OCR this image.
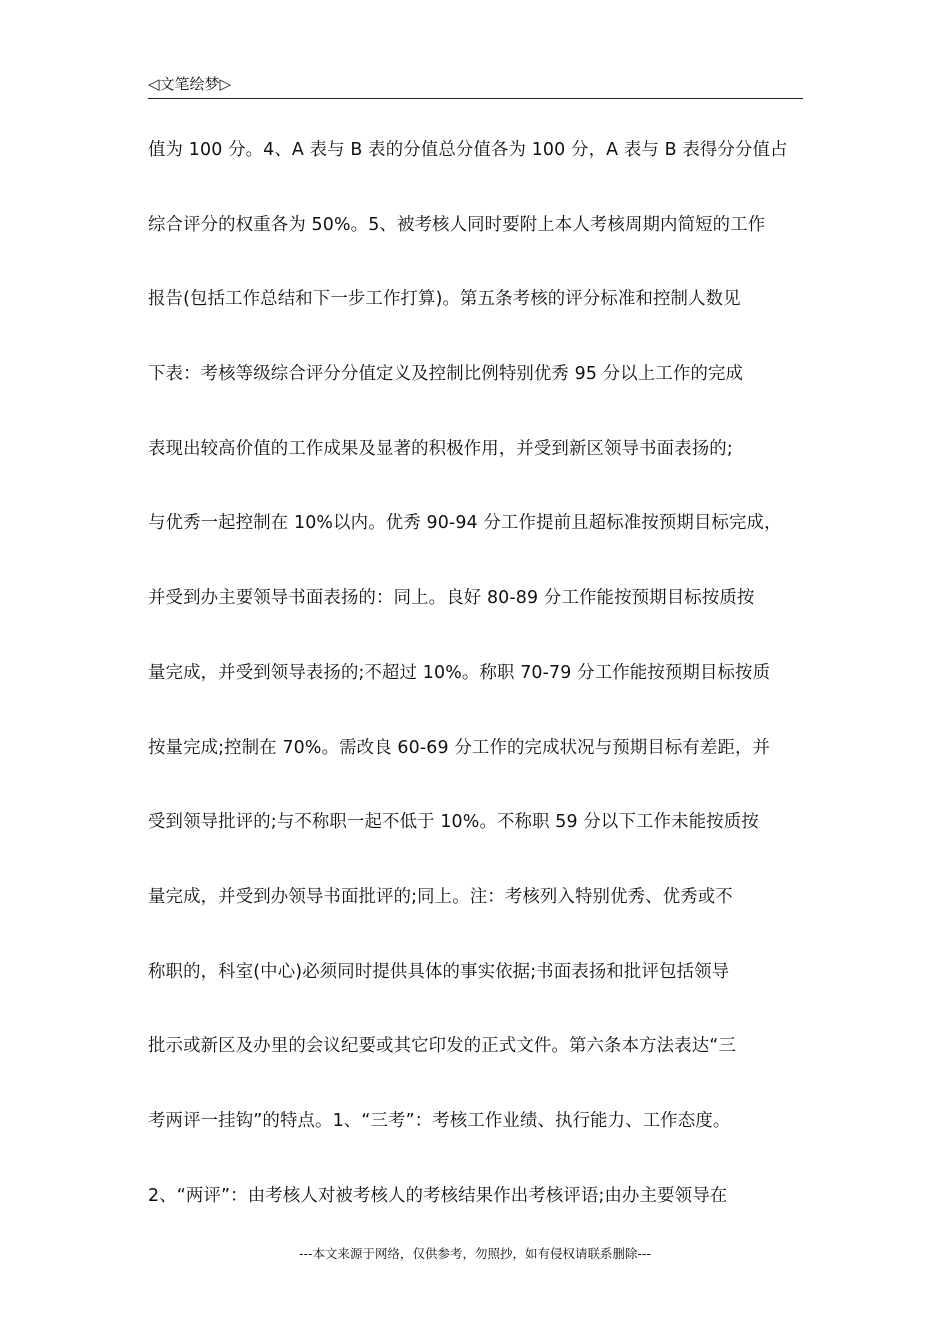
◁文笔绘梦▷
值为 100 分。4、A 表与 B 表的分值总分值各为 100 分，A 表与 B 表得分分值占
综合评分的权重各为 50%。5、被考核人同时要附上本人考核周期内简短的工作
报告(包括工作总结和下一步工作打算)。第五条考核的评分标准和控制人数见
下表：考核等级综合评分分值定义及控制比例特别优秀 95 分以上工作的完成
表现出较高价值的工作成果及显著的积极作用，并受到新区领导书面表扬的;
与优秀一起控制在 10%以内。优秀 90-94 分工作提前且超标准按预期目标完成，
并受到办主要领导书面表扬的：同上。良好 80-89 分工作能按预期目标按质按
量完成，并受到领导表扬的;不超过 10%。称职 70-79 分工作能按预期目标按质
按量完成;控制在 70%。需改良 60-69 分工作的完成状况与预期目标有差距，并
受到领导批评的;与不称职一起不低于 10%。不称职 59 分以下工作未能按质按
量完成，并受到办领导书面批评的;同上。注：考核列入特别优秀、优秀或不
称职的，科室(中心)必须同时提供具体的事实依据;书面表扬和批评包括领导
批示或新区及办里的会议纪要或其它印发的正式文件。第六条本方法表达“三
考两评一挂钩”的特点。1、“三考”：考核工作业绩、执行能力、工作态度。
2、“两评”：由考核人对被考核人的考核结果作出考核评语;由办主要领导在
---本文来源于网络，仅供参考，勿照抄，如有侵权请联系删除---
